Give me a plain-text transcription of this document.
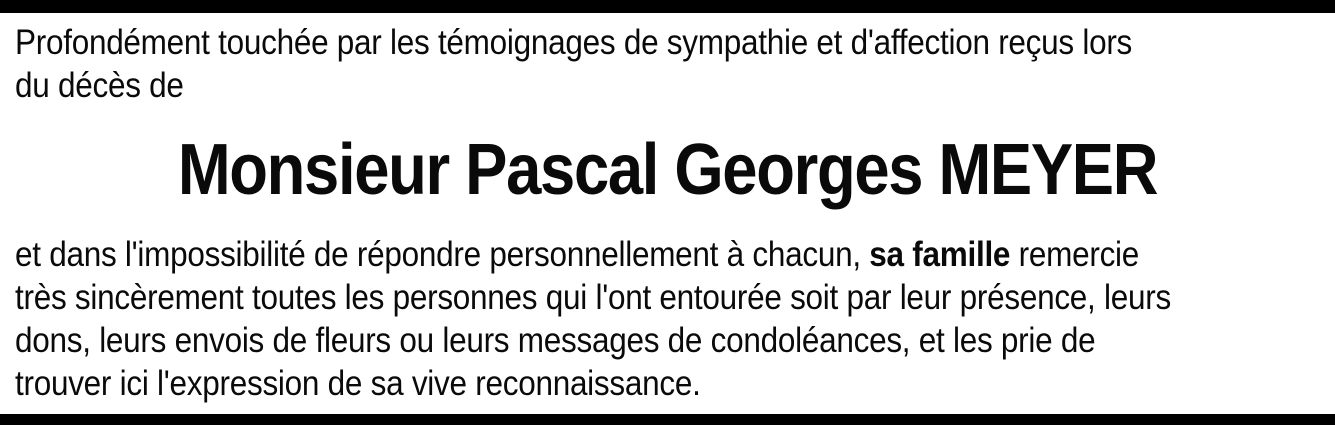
Profondément touchée par les témoignages de sympathie et d'affection reçus lors
du décès de

Monsieur Pascal Georges MEYER

et dans l'impossibilité de répondre personnellement à chacun, sa famille remercie
très sincèrement toutes les personnes qui l'ont entourée soit par leur présence, leurs
dons, leurs envois de fleurs ou leurs messages de condoléances, et les prie de
trouver ici l'expression de sa vive reconnaissance.
